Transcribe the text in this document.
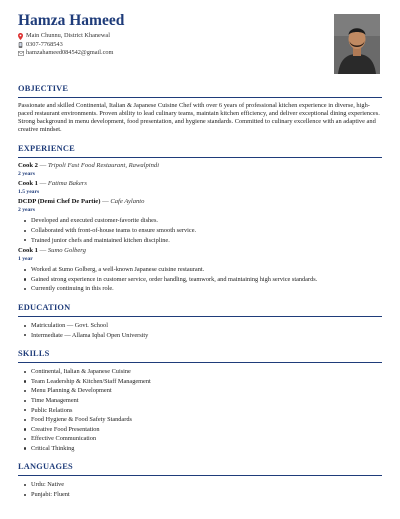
Hamza Hameed
Main Chunnu, District Khanewal
0307-7768543
hamzahameed084542@gmail.com
OBJECTIVE

Passionate and skilled Continental, Italian & Japanese Cuisine Chef with over 6 years of professional kitchen experience in diverse, high-paced restaurant environments. Proven ability to lead culinary teams, maintain kitchen efficiency, and deliver exceptional dining experiences. Strong background in menu development, food presentation, and hygiene standards. Committed to culinary excellence with an adaptive and creative mindset.

EXPERIENCE
Cook 2 — Tripoli Fast Food Restaurant, Rawalpindi
2 years
Cook 1 — Fatima Bakers
1.5 years
DCDP (Demi Chef De Partie) — Cafe Aylanto
2 years
Developed and executed customer-favorite dishes.
Collaborated with front-of-house teams to ensure smooth service.
Trained junior chefs and maintained kitchen discipline.
Cook 1 — Sumo Golberg
1 year
Worked at Sumo Golberg, a well-known Japanese cuisine restaurant.
Gained strong experience in customer service, order handling, teamwork, and maintaining high service standards.
Currently continuing in this role.
EDUCATION
Matriculation — Govt. School
Intermediate — Allama Iqbal Open University
SKILLS
Continental, Italian & Japanese Cuisine
Team Leadership & Kitchen/Staff Management
Menu Planning & Development
Time Management
Public Relations
Food Hygiene & Food Safety Standards
Creative Food Presentation
Effective Communication
Critical Thinking
LANGUAGES
Urdu: Native
Punjabi: Fluent
